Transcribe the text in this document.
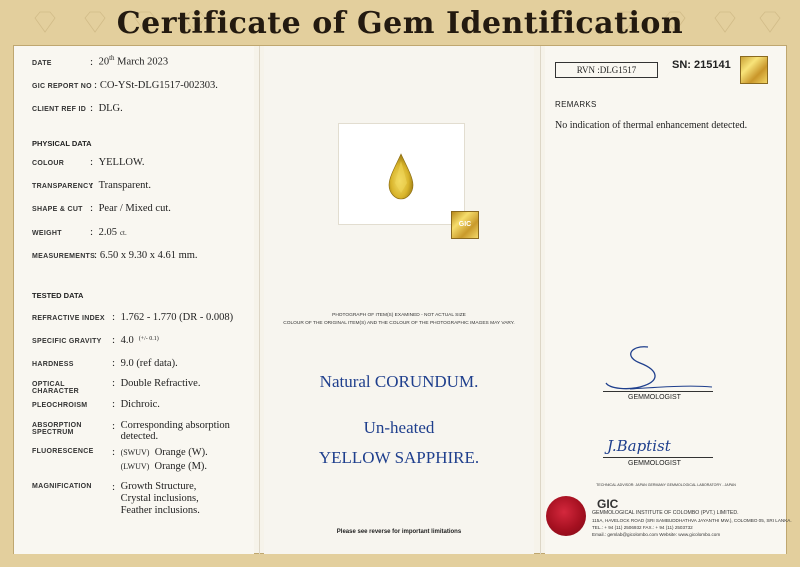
Certificate of Gem Identification
DATE	: 20th March 2023
GIC REPORT NO : CO-YSt-DLG1517-002303.
CLIENT REF ID : DLG.
PHYSICAL DATA
COLOUR	: YELLOW.
TRANSPARENCY
: Transparent.
SHAPE & CUT : Pear / Mixed cut.
WEIGHT	: 2.05 ct.
MEASUREMENTS
: 6.50 x 9.30 x 4.61 mm.
TESTED DATA
REFRACTIVE INDEX : 1.762 - 1.770 (DR - 0.008)
SPECIFIC GRAVITY : 4.0 (+/- 0.1)
HARDNESS	: 9.0 (ref data).
OPTICAL CHARACTER
: Double Refractive.
PLEOCHROISM	: Dichroic.
ABSORPTION SPECTRUM
: Corresponding absorption
detected.
FLUORESCENCE	: (SWUV) Orange (W).
(LWUV) Orange (M).
MAGNIFICATION	: Growth Structure,
Crystal inclusions,
Feather inclusions.
GIC
PHOTOGRAPH OF ITEM(S) EXAMINED - NOT ACTUAL SIZE
COLOUR OF THE ORIGINAL ITEM(S) AND THE COLOUR OF THE PHOTOGRAPHIC IMAGES MAY VARY.
Natural CORUNDUM.
Un-heated
YELLOW SAPPHIRE.
Please see reverse for important limitations
RVN :DLG1517	SN: 215141
REMARKS
No indication of thermal enhancement detected.
GEMMOLOGIST
J.Baptist
GEMMOLOGIST
TECHNICAL ADVISOR: JAPAN GERMANY GEMMOLOGICAL LABORATORY - JAPAN
GIC
GEMMOLOGICAL INSTITUTE OF COLOMBO (PVT.) LIMITED.
115A, HAVELOCK ROAD (SRI SAMBUDDHATHVA JAYANTHI MW.), COLOMBO 05, SRI LANKA.
TEL.: + 94 (11) 2506932 FAX.: + 94 (11) 2503732
Email.: gemlab@gicolombo.com Website: www.gicolombo.com
